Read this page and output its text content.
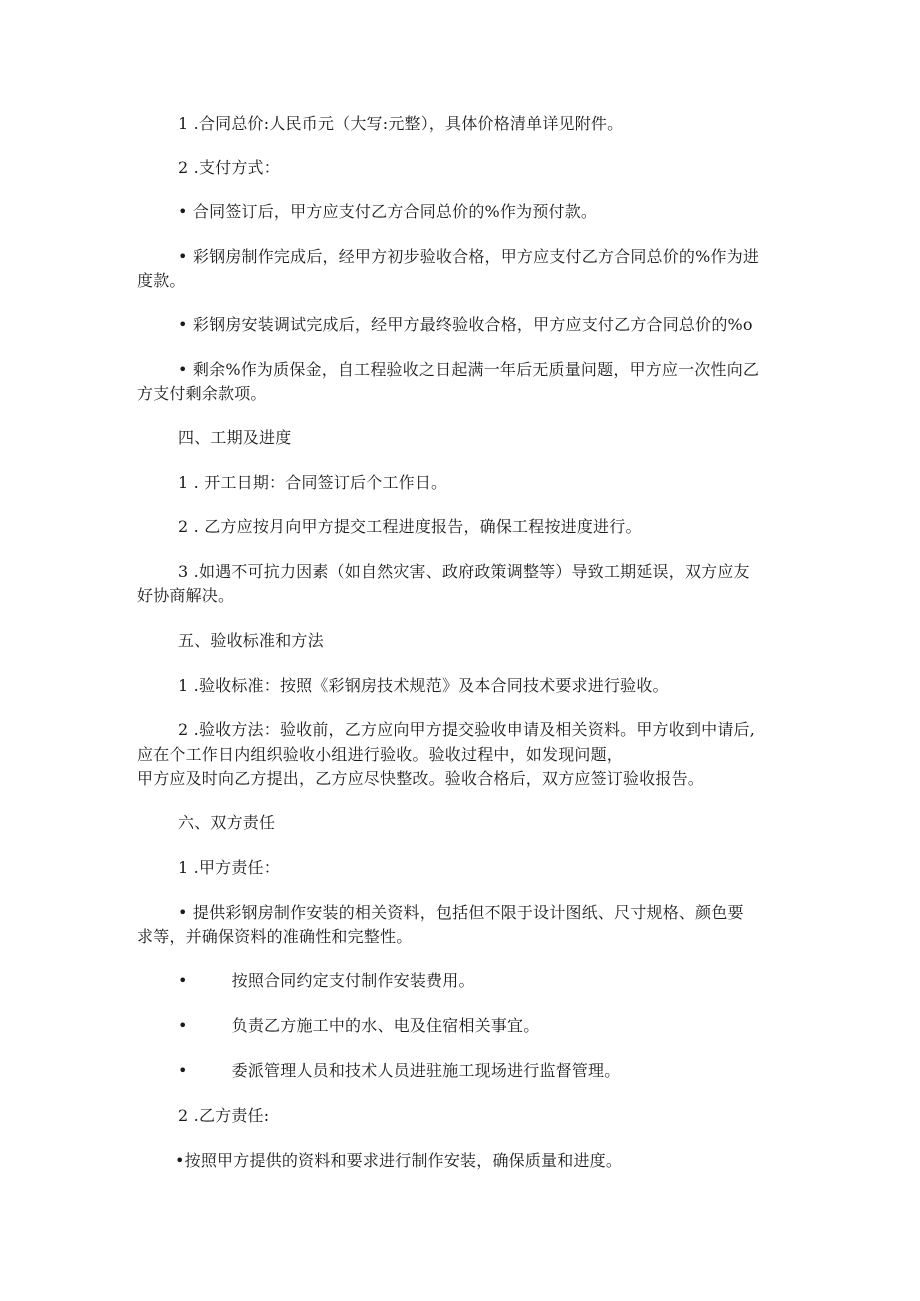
1 .合同总价:人民币元（大写:元整），具体价格清单详见附件。
2 .支付方式：
• 合同签订后，甲方应支付乙方合同总价的%作为预付款。
• 彩钢房制作完成后，经甲方初步验收合格，甲方应支付乙方合同总价的%作为进
度款。
• 彩钢房安装调试完成后，经甲方最终验收合格，甲方应支付乙方合同总价的%o
• 剩余%作为质保金，自工程验收之日起满一年后无质量问题，甲方应一次性向乙
方支付剩余款项。
四、工期及进度
1 . 开工日期：合同签订后个工作日。
2 . 乙方应按月向甲方提交工程进度报告，确保工程按进度进行。
3 .如遇不可抗力因素（如自然灾害、政府政策调整等）导致工期延误，双方应友
好协商解决。
五、验收标准和方法
1 .验收标准：按照《彩钢房技术规范》及本合同技术要求进行验收。
2 .验收方法：验收前，乙方应向甲方提交验收申请及相关资料。甲方收到中请后,
应在个工作日内组织验收小组进行验收。验收过程中，如发现问题，
甲方应及时向乙方提出，乙方应尽快整改。验收合格后，双方应签订验收报告。
六、双方责任
1 .甲方责任：
• 提供彩钢房制作安装的相关资料，包括但不限于设计图纸、尺寸规格、颜色要
求等，并确保资料的准确性和完整性。
•	按照合同约定支付制作安装费用。
•	负责乙方施工中的水、电及住宿相关事宜。
•	委派管理人员和技术人员进驻施工现场进行监督管理。
2 .乙方责任:
•按照甲方提供的资料和要求进行制作安装，确保质量和进度。
